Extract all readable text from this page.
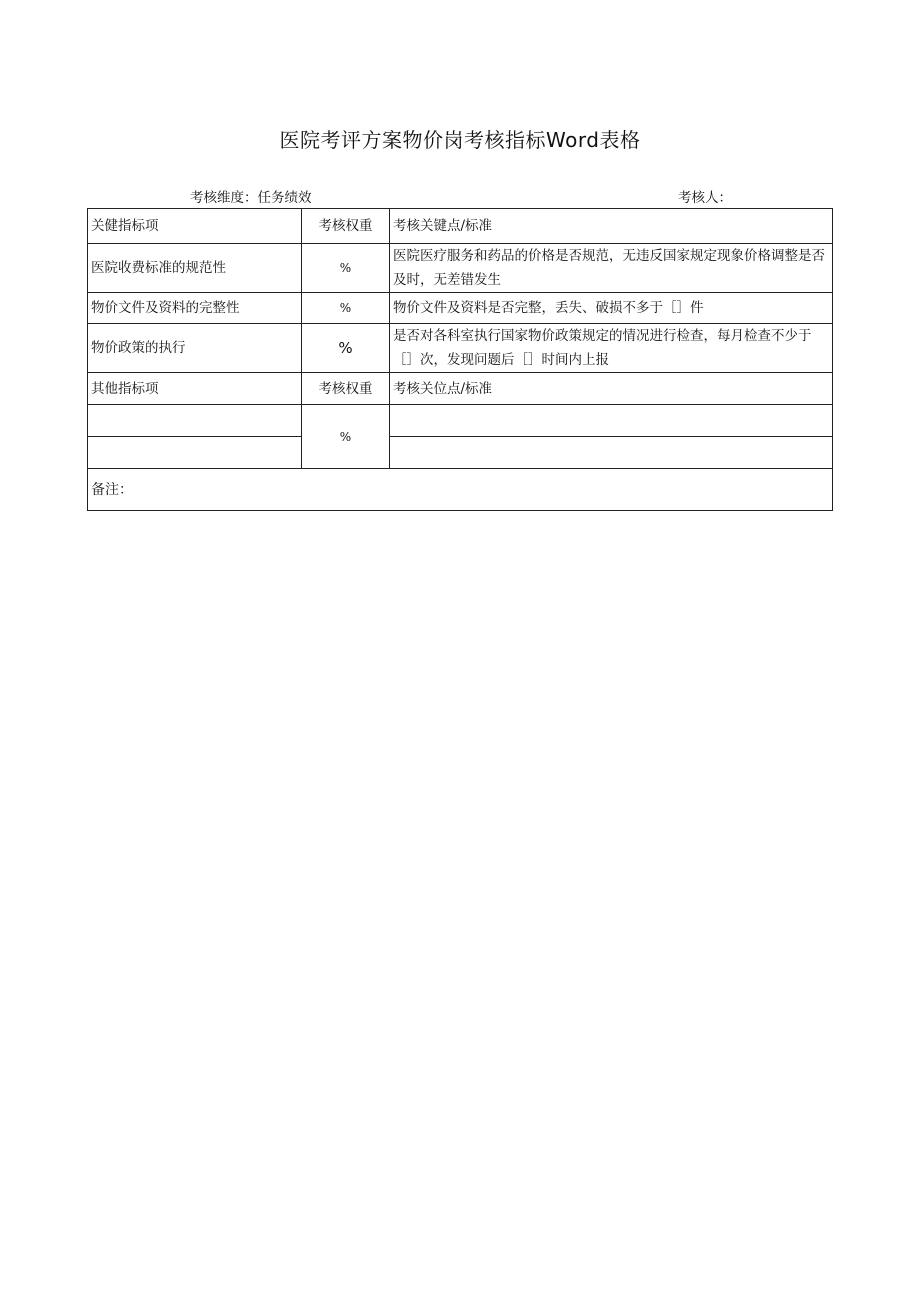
医院考评方案物价岗考核指标Word表格
考核维度：任务绩效	考核人：
关健指标项	考核权重	考核关键点/标准
医院收费标准的规范性	%	医院医疗服务和药品的价格是否规范，无违反国家规定现象价格调整是否及时，无差错发生
物价文件及资料的完整性	%	物价文件及资料是否完整，丢失、破损不多于［］件
物价政策的执行	%	是否对各科室执行国家物价政策规定的情况进行检查，每月检查不少于［］次，发现问题后［］时间内上报
其他指标项	考核权重	考核关位点/标准
	%	

备注：		
